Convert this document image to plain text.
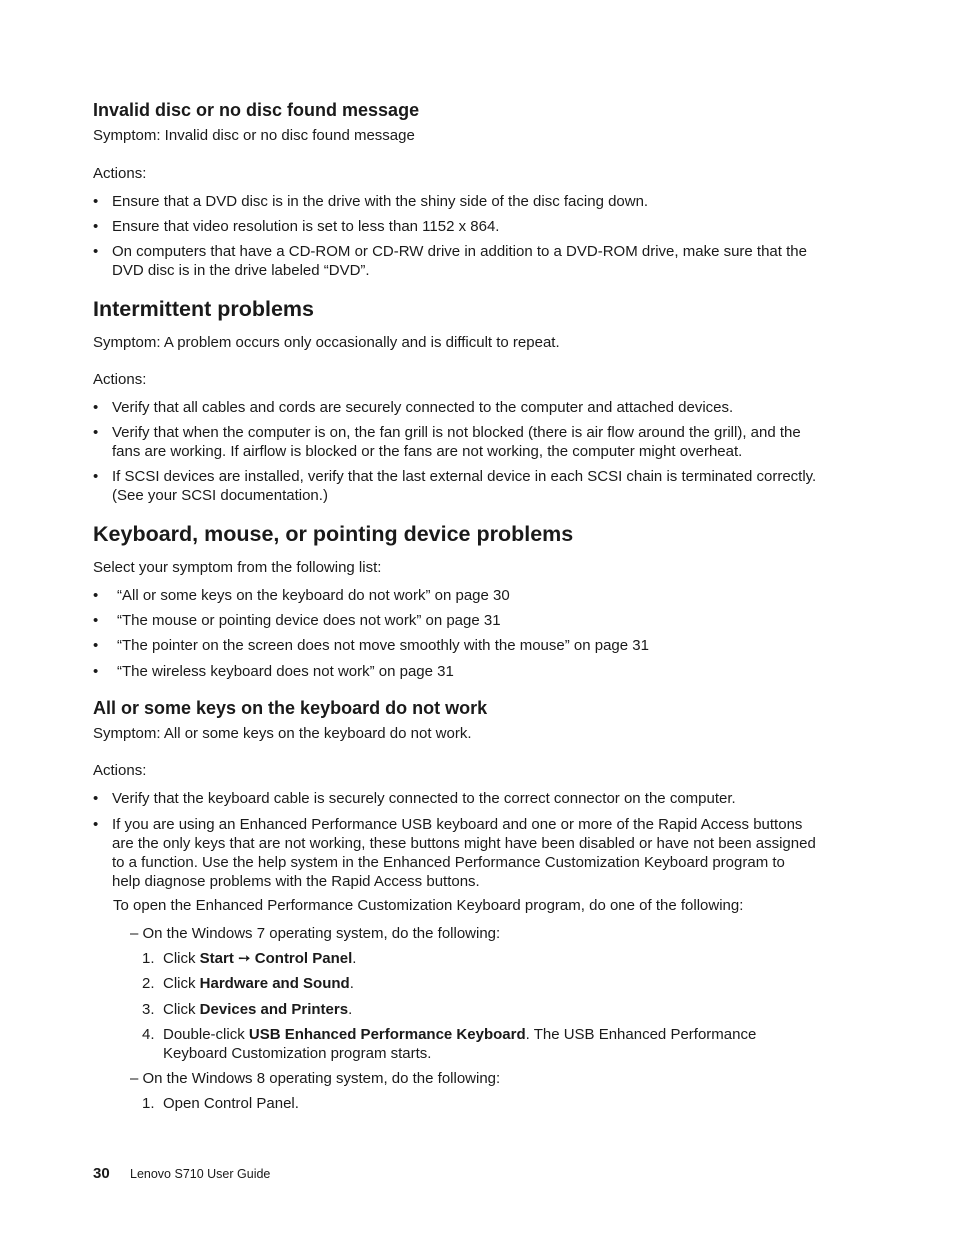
Invalid disc or no disc found message

Symptom: Invalid disc or no disc found message

Actions:

• Ensure that a DVD disc is in the drive with the shiny side of the disc facing down.
• Ensure that video resolution is set to less than 1152 x 864.
• On computers that have a CD-ROM or CD-RW drive in addition to a DVD-ROM drive, make sure that the
DVD disc is in the drive labeled “DVD”.
Intermittent problems

Symptom: A problem occurs only occasionally and is difficult to repeat.

Actions:

• Verify that all cables and cords are securely connected to the computer and attached devices.
• Verify that when the computer is on, the fan grill is not blocked (there is air flow around the grill), and the
fans are working. If airflow is blocked or the fans are not working, the computer might overheat.
• If SCSI devices are installed, verify that the last external device in each SCSI chain is terminated correctly.
(See your SCSI documentation.)
Keyboard, mouse, or pointing device problems

Select your symptom from the following list:

• “All or some keys on the keyboard do not work” on page 30
• “The mouse or pointing device does not work” on page 31
• “The pointer on the screen does not move smoothly with the mouse” on page 31
• “The wireless keyboard does not work” on page 31
All or some keys on the keyboard do not work

Symptom: All or some keys on the keyboard do not work.

Actions:

• Verify that the keyboard cable is securely connected to the correct connector on the computer.
• If you are using an Enhanced Performance USB keyboard and one or more of the Rapid Access buttons
are the only keys that are not working, these buttons might have been disabled or have not been assigned
to a function. Use the help system in the Enhanced Performance Customization Keyboard program to
help diagnose problems with the Rapid Access buttons.
To open the Enhanced Performance Customization Keyboard program, do one of the following:
– On the Windows 7 operating system, do the following:
1. Click Start ➙ Control Panel.
2. Click Hardware and Sound.
3. Click Devices and Printers.
4. Double-click USB Enhanced Performance Keyboard. The USB Enhanced Performance
Keyboard Customization program starts.
– On the Windows 8 operating system, do the following:
1. Open Control Panel.
30 Lenovo S710 User Guide
